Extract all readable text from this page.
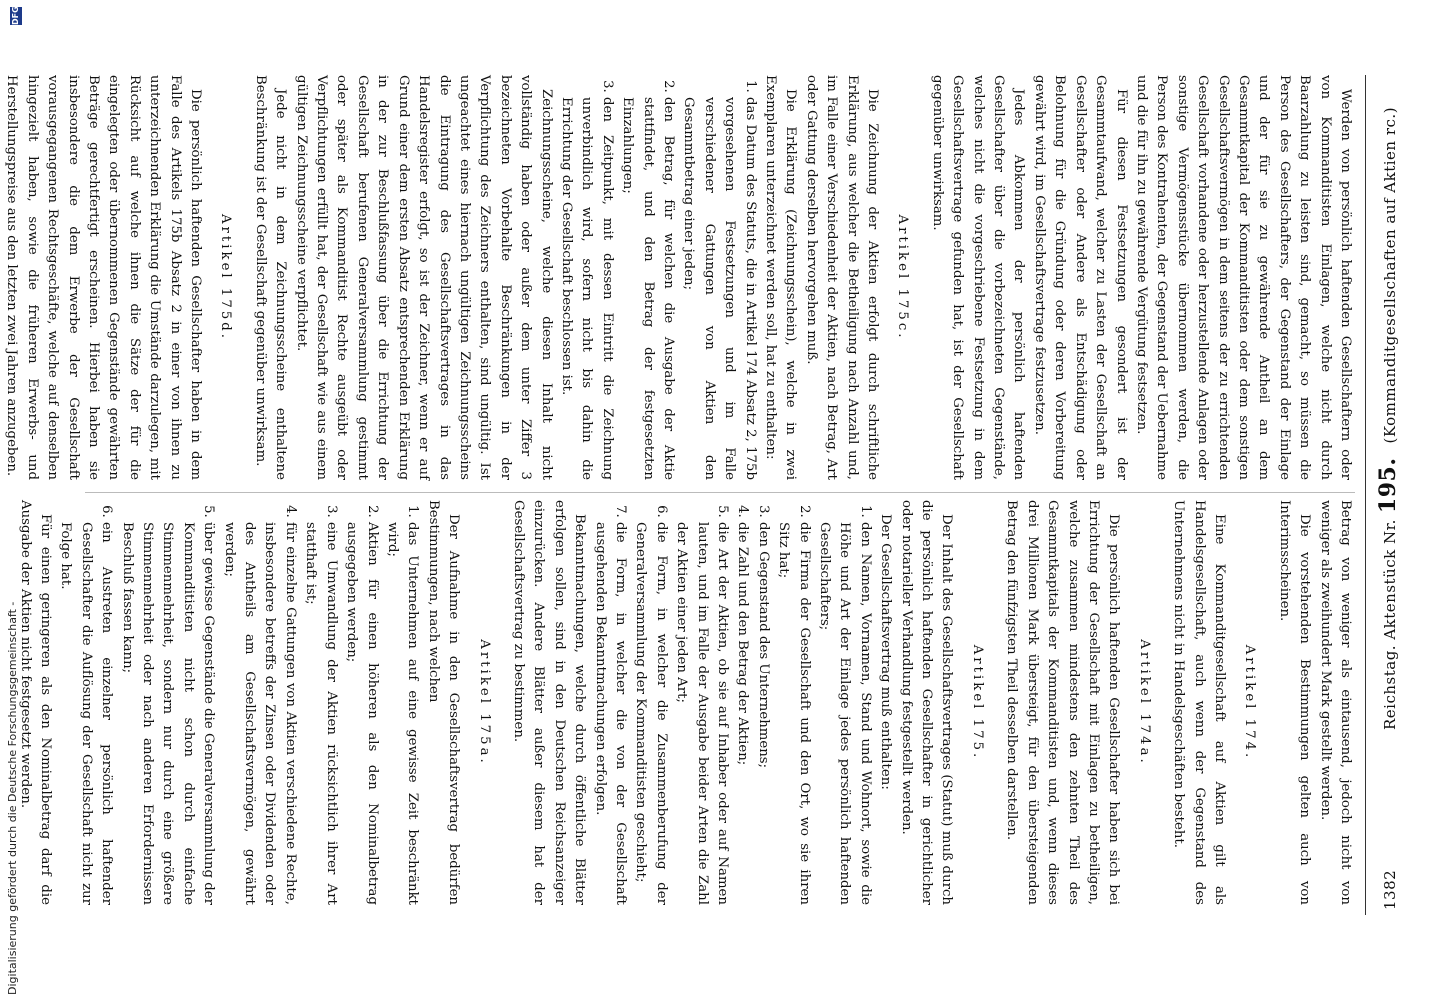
1382
Reichstag. Aktenstück Nr.
195.
(Kommanditgesellschaften auf Aktien rc.)

Betrag von weniger als eintausend, jedoch nicht von weniger als zweihundert Mark gestellt werden.

Die vorstehenden Bestimmungen gelten auch von Interimsscheinen.

Artikel 174.

Eine Kommanditgesellschaft auf Aktien gilt als Handelsgesellschaft, auch wenn der Gegenstand des Unternehmens nicht in Handelsgeschäften besteht.

Artikel 174a.

Die persönlich haftenden Gesellschafter haben sich bei Errichtung der Gesellschaft mit Einlagen zu betheiligen, welche zusammen mindestens den zehnten Theil des Gesammtkapitals der Kommanditisten und, wenn dieses drei Millionen Mark übersteigt, für den übersteigenden Betrag den fünfzigsten Theil desselben darstellen.

Artikel 175.

Der Inhalt des Gesellschaftsvertrages (Statut) muß durch die persönlich haftenden Gesellschafter in gerichtlicher oder notarieller Verhandlung festgestellt werden.

Der Gesellschaftsvertrag muß enthalten:

1. den Namen, Vornamen, Stand und Wohnort, sowie die Höhe und Art der Einlage jedes persönlich haftenden Gesellschafters;
2. die Firma der Gesellschaft und den Ort, wo sie ihren Sitz hat;
3. den Gegenstand des Unternehmens;
4. die Zahl und den Betrag der Aktien;
5. die Art der Aktien, ob sie auf Inhaber oder auf Namen lauten, und im Falle der Ausgabe beider Arten die Zahl der Aktien einer jeden Art;
6. die Form, in welcher die Zusammenberufung der Generalversammlung der Kommanditisten geschieht;
7. die Form, in welcher die von der Gesellschaft ausgehenden Bekanntmachungen erfolgen.

Bekanntmachungen, welche durch öffentliche Blätter erfolgen sollen, sind in den Deutschen Reichsanzeiger einzurücken. Andere Blätter außer diesem hat der Gesellschaftsvertrag zu bestimmen.

Artikel 175a.

Der Aufnahme in den Gesellschaftsvertrag bedürfen Bestimmungen, nach welchen

1. das Unternehmen auf eine gewisse Zeit beschränkt wird;
2. Aktien für einen höheren als den Nominalbetrag ausgegeben werden;
3. eine Umwandlung der Aktien rücksichtlich ihrer Art statthaft ist;
4. für einzelne Gattungen von Aktien verschiedene Rechte, insbesondere betreffs der Zinsen oder Dividenden oder des Antheils am Gesellschaftsvermögen, gewährt werden;
5. über gewisse Gegenstände die Generalversammlung der Kommanditisten nicht schon durch einfache Stimmenmehrheit, sondern nur durch eine größere Stimmenmehrheit oder nach anderen Erfordernissen Beschluß fassen kann;
6. ein Austreten einzelner persönlich haftender Gesellschafter die Auflösung der Gesellschaft nicht zur Folge hat.

Für einen geringeren als den Nominalbetrag darf die Ausgabe der Aktien nicht festgesetzt werden.

Werden von persönlich haftenden Gesellschaftern oder von Kommanditisten Einlagen, welche nicht durch Baarzahlung zu leisten sind, gemacht, so müssen die Person des Gesellschafters, der Gegenstand der Einlage und der für sie zu gewährende Antheil an dem Gesammtkapital der Kommanditisten oder dem sonstigen Gesellschaftsvermögen in dem seitens der zu errichtenden Gesellschaft vorhandene oder herzustellende Anlagen oder sonstige Vermögensstücke übernommen werden, die Person des Kontrahenten, der Gegenstand der Uebernahme und die für ihn zu gewährende Vergütung festsetzen.

Für diesen Festsetzungen gesondert ist der Gesammtaufwand, welcher zu Lasten der Gesellschaft an Gesellschafter oder Andere als Entschädigung oder Belohnung für die Gründung oder deren Vorbereitung gewährt wird, im Gesellschaftsvertrage festzusetzen.

Jedes Abkommen der persönlich haftenden Gesellschafter über die vorbezeichneten Gegenstände, welches nicht die vorgeschriebene Festsetzung in dem Gesellschaftsvertrage gefunden hat, ist der Gesellschaft gegenüber unwirksam.

Artikel 175c.

Die Zeichnung der Aktien erfolgt durch schriftliche Erklärung, aus welcher die Betheiligung nach Anzahl und, im Falle einer Verschiedenheit der Aktien, nach Betrag, Art oder Gattung derselben hervorgehen muß.

Die Erklärung (Zeichnungsschein), welche in zwei Exemplaren unterzeichnet werden soll, hat zu enthalten:

1. das Datum des Statuts, die in Artikel 174 Absatz 2, 175b vorgesehenen Festsetzungen und im Falle verschiedener Gattungen von Aktien den Gesammtbetrag einer jeden;
2. den Betrag, für welchen die Ausgabe der Aktie stattfindet, und den Betrag der festgesetzten Einzahlungen;
3. den Zeitpunkt, mit dessen Eintritt die Zeichnung unverbindlich wird, sofern nicht bis dahin die Errichtung der Gesellschaft beschlossen ist.

Zeichnungsscheine, welche diesen Inhalt nicht vollständig haben oder außer dem unter Ziffer 3 bezeichneten Vorbehalte Beschränkungen in der Verpflichtung des Zeichners enthalten, sind ungültig. Ist ungeachtet eines hiernach ungültigen Zeichnungsscheins die Eintragung des Gesellschaftsvertrages in das Handelsregister erfolgt, so ist der Zeichner, wenn er auf Grund einer dem ersten Absatz entsprechenden Erklärung in der zur Beschlußfassung über die Errichtung der Gesellschaft berufenen Generalversammlung gestimmt oder später als Kommanditist Rechte ausgeübt oder Verpflichtungen erfüllt hat, der Gesellschaft wie aus einem gültigen Zeichnungsscheine verpflichtet.

Jede nicht in dem Zeichnungsscheine enthaltene Beschränkung ist der Gesellschaft gegenüber unwirksam.

Artikel 175d.

Die persönlich haftenden Gesellschafter haben in dem Falle des Artikels 175b Absatz 2 in einer von ihnen zu unterzeichnenden Erklärung die Umstände darzulegen, mit Rücksicht auf welche ihnen die Sätze der für die eingelegten oder übernommenen Gegenstände gewährten Beträge gerechtfertigt erscheinen. Hierbei haben sie insbesondere die dem Erwerbe der Gesellschaft vorausgegangenen Rechtsgeschäfte, welche auf denselben hingezielt haben, sowie die früheren Erwerbs- und Herstellungspreise aus den letzten zwei Jahren anzugeben.

Digitalisierung gefördert durch die Deutsche Forschungsgemeinschaft -
DFG
